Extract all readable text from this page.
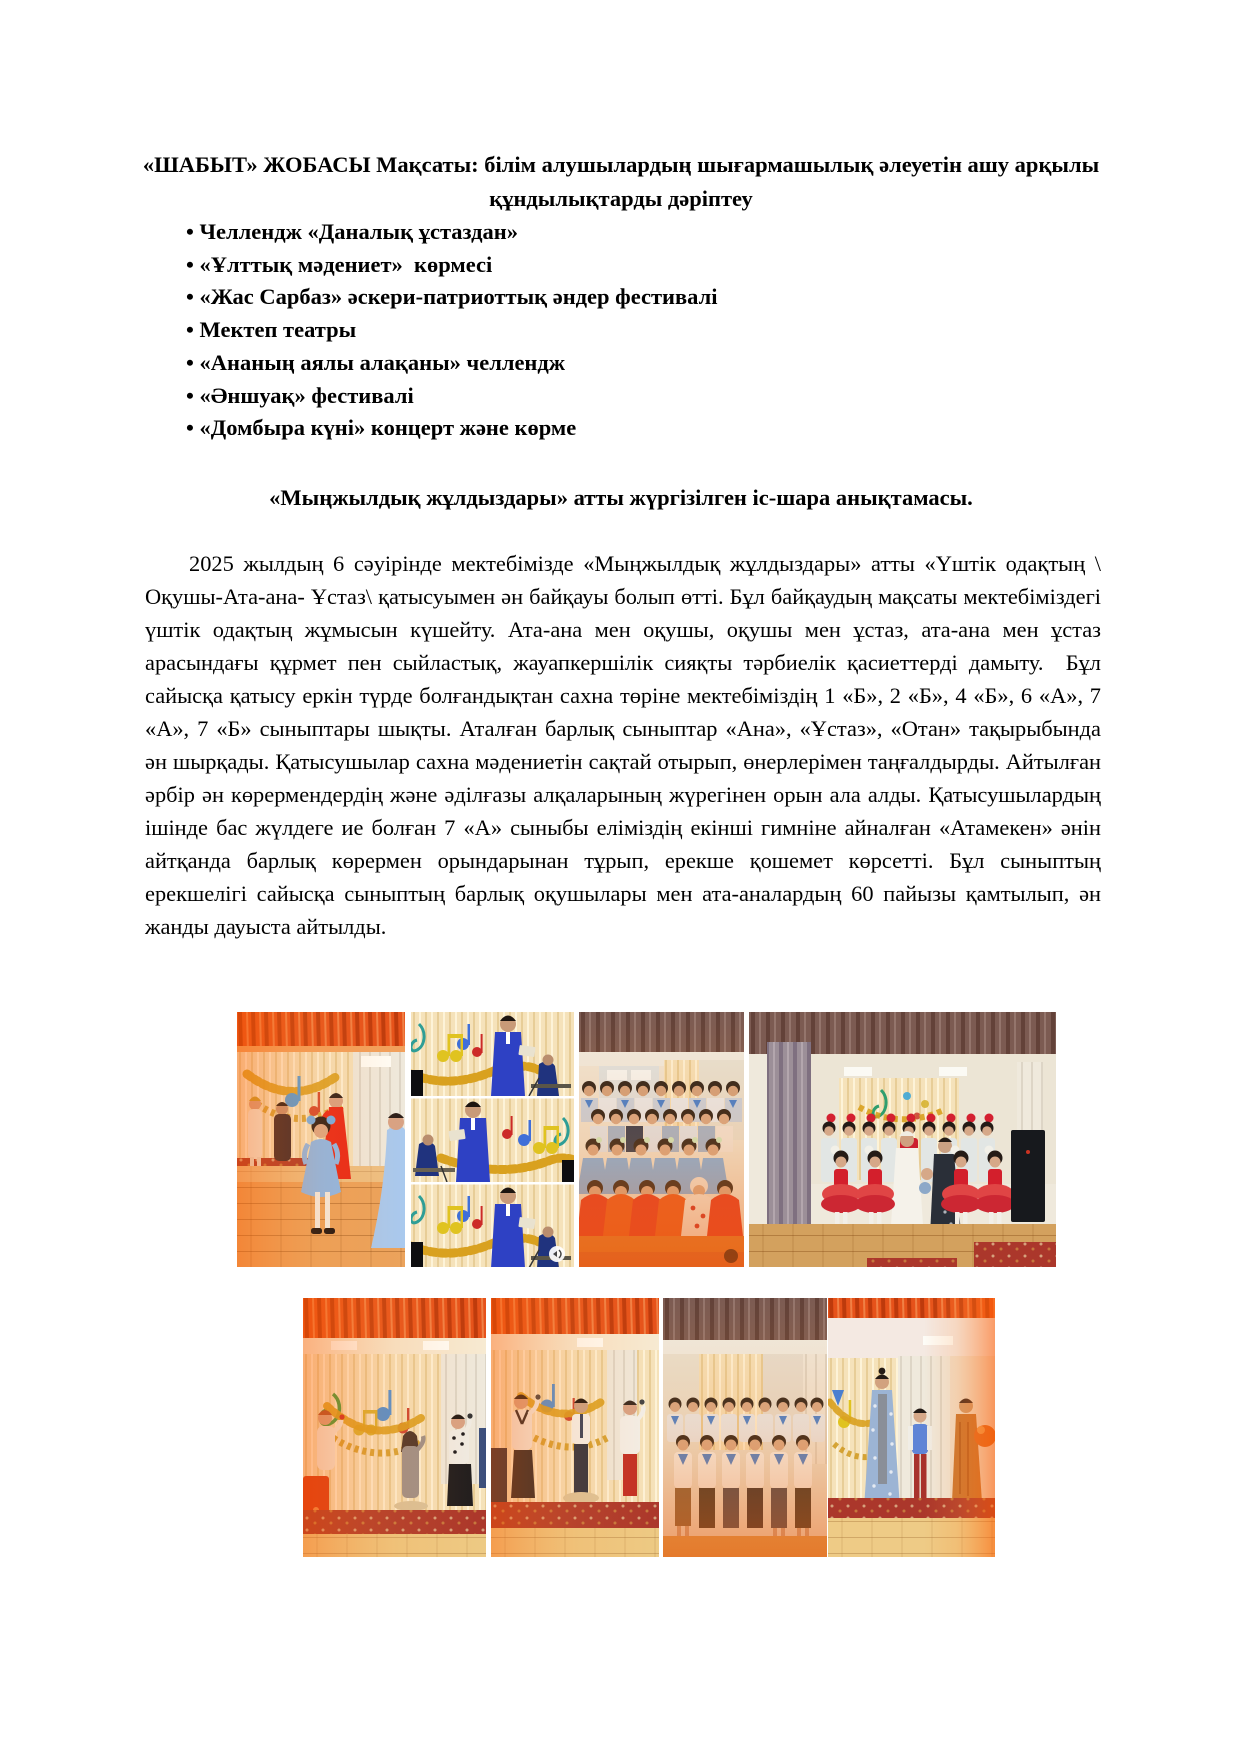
«ШАБЫТ» ЖОБАСЫ Мақсаты: білім алушылардың шығармашылық әлеуетін ашу арқылы құндылықтарды дәріптеу
• Челлендж «Даналық ұстаздан»
• «Ұлттық мәдениет»  көрмесі
• «Жас Сарбаз» әскери-патриоттық әндер фестивалі
• Мектеп театры
• «Ананың аялы алақаны» челлендж
• «Әншуақ» фестивалі
• «Домбыра күні» концерт және көрме
«Мыңжылдық жұлдыздары» атты жүргізілген іс-шара анықтамасы.

2025 жылдың 6 сәуірінде мектебімізде «Мыңжылдық жұлдыздары» атты «Үштік одақтың \ Оқушы-Ата-ана- Ұстаз\ қатысуымен ән байқауы болып өтті. Бұл байқаудың мақсаты мектебіміздегі үштік одақтың жұмысын күшейту. Ата-ана мен оқушы, оқушы мен ұстаз, ата-ана мен ұстаз арасындағы құрмет пен сыйластық, жауапкершілік сияқты тәрбиелік қасиеттерді дамыту.  Бұл сайысқа қатысу еркін түрде болғандықтан сахна төріне мектебіміздің 1 «Б», 2 «Б», 4 «Б», 6 «А», 7 «А», 7 «Б» сыныптары шықты. Аталған барлық сыныптар «Ана», «Ұстаз», «Отан» тақырыбында ән шырқады. Қатысушылар сахна мәдениетін сақтай отырып, өнерлерімен таңғалдырды. Айтылған әрбір ән көрермендердің және әділғазы алқаларының жүрегінен орын ала алды. Қатысушылардың ішінде бас жүлдеге ие болған 7 «А» сыныбы еліміздің екінші гимніне айналған «Атамекен» әнін айтқанда барлық көрермен орындарынан тұрып, ерекше қошемет көрсетті. Бұл сыныптың ерекшелігі сайысқа сыныптың барлық оқушылары мен ата-аналардың 60 пайызы қамтылып, ән жанды дауыста айтылды.
